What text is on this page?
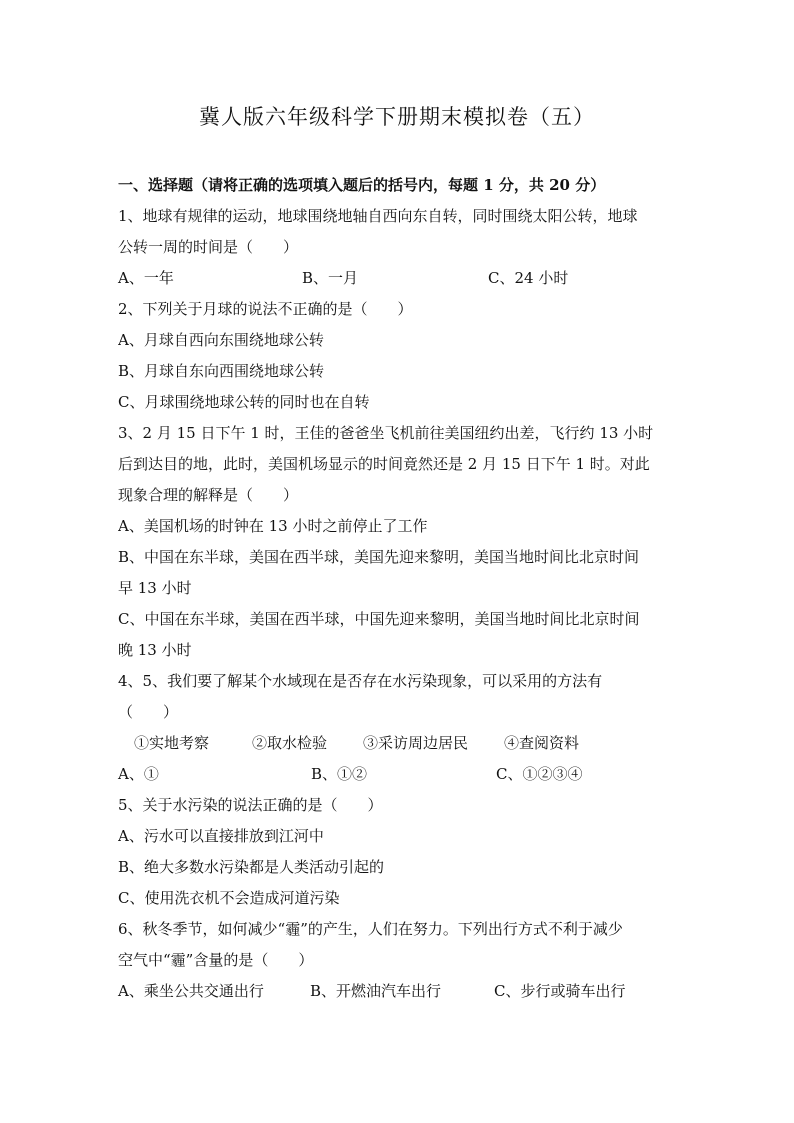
冀人版六年级科学下册期末模拟卷（五）
一、选择题（请将正确的选项填入题后的括号内，每题 1 分，共 20 分）
1、地球有规律的运动，地球围绕地轴自西向东自转，同时围绕太阳公转，地球
公转一周的时间是（　　）
A、一年	B、一月	C、24 小时
2、下列关于月球的说法不正确的是（　　）
A、月球自西向东围绕地球公转
B、月球自东向西围绕地球公转
C、月球围绕地球公转的同时也在自转
3、2 月 15 日下午 1 时，王佳的爸爸坐飞机前往美国纽约出差，飞行约 13 小时
后到达目的地，此时，美国机场显示的时间竟然还是 2 月 15 日下午 1 时。对此
现象合理的解释是（　　）
A、美国机场的时钟在 13 小时之前停止了工作
B、中国在东半球，美国在西半球，美国先迎来黎明，美国当地时间比北京时间
早 13 小时
C、中国在东半球，美国在西半球，中国先迎来黎明，美国当地时间比北京时间
晚 13 小时
4、5、我们要了解某个水域现在是否存在水污染现象，可以采用的方法有
（　　）
①实地考察	②取水检验 ③采访周边居民 ④查阅资料
A、①	B、①②	C、①②③④
5、关于水污染的说法正确的是（　　）
A、污水可以直接排放到江河中
B、绝大多数水污染都是人类活动引起的
C、使用洗衣机不会造成河道污染
6、秋冬季节，如何减少“霾”的产生，人们在努力。下列出行方式不利于减少
空气中“霾”含量的是（　　）
A、乘坐公共交通出行	B、开燃油汽车出行	C、步行或骑车出行
